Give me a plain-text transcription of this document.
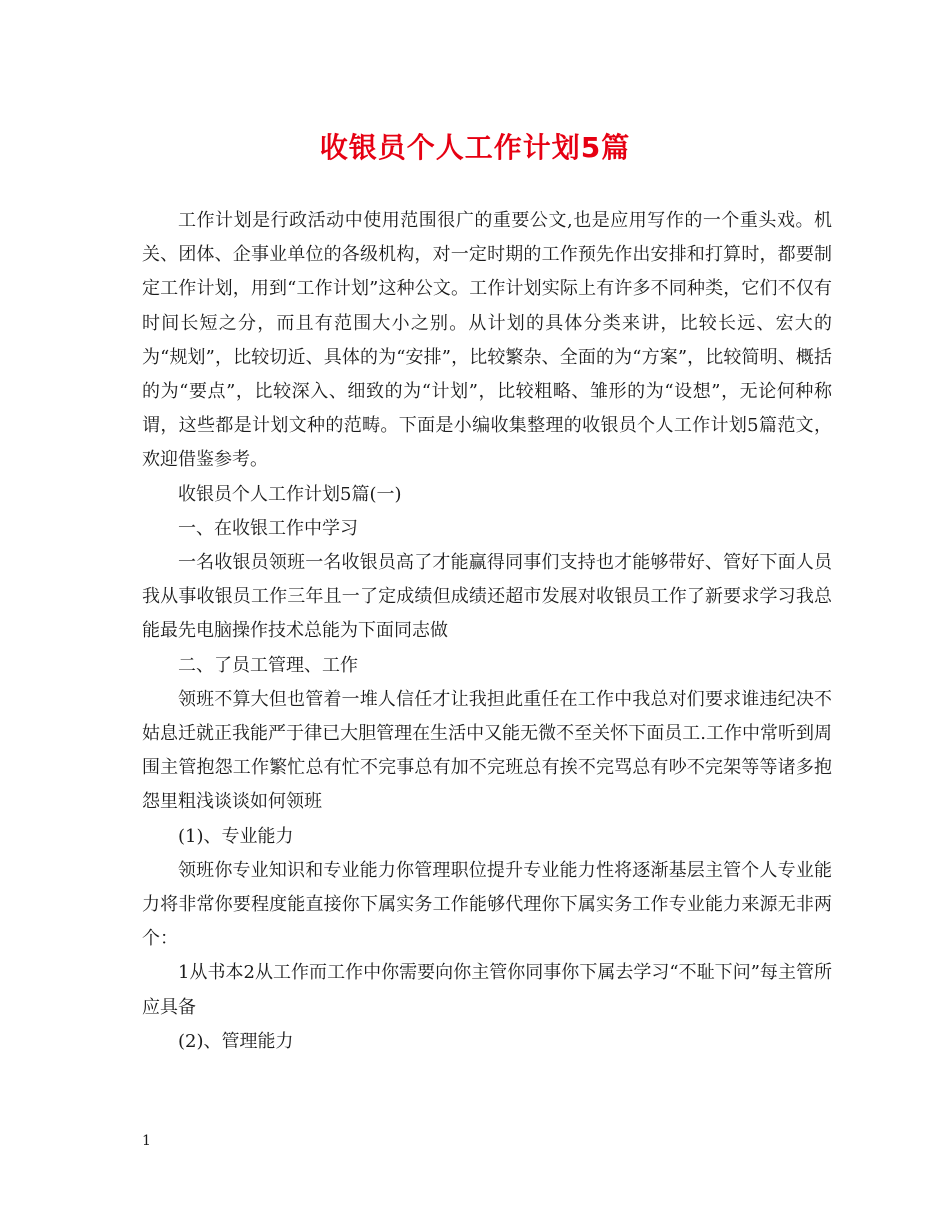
收银员个人工作计划5篇

工作计划是行政活动中使用范围很广的重要公文,也是应用写作的一个重头戏。机关、团体、企事业单位的各级机构，对一定时期的工作预先作出安排和打算时，都要制定工作计划，用到“工作计划”这种公文。工作计划实际上有许多不同种类，它们不仅有时间长短之分，而且有范围大小之别。从计划的具体分类来讲，比较长远、宏大的为“规划”，比较切近、具体的为“安排”，比较繁杂、全面的为“方案”，比较简明、概括的为“要点”，比较深入、细致的为“计划”，比较粗略、雏形的为“设想”，无论何种称谓，这些都是计划文种的范畴。下面是小编收集整理的收银员个人工作计划5篇范文，欢迎借鉴参考。

收银员个人工作计划5篇(一)

一、在收银工作中学习

一名收银员领班一名收银员高了才能赢得同事们支持也才能够带好、管好下面人员我从事收银员工作三年且一了定成绩但成绩还超市发展对收银员工作了新要求学习我总能最先电脑操作技术总能为下面同志做

二、了员工管理、工作

领班不算大但也管着一堆人信任才让我担此重任在工作中我总对们要求谁违纪决不姑息迁就正我能严于律已大胆管理在生活中又能无微不至关怀下面员工.工作中常听到周围主管抱怨工作繁忙总有忙不完事总有加不完班总有挨不完骂总有吵不完架等等诸多抱怨里粗浅谈谈如何领班

(1)、专业能力

领班你专业知识和专业能力你管理职位提升专业能力性将逐渐基层主管个人专业能力将非常你要程度能直接你下属实务工作能够代理你下属实务工作专业能力来源无非两个：

1从书本2从工作而工作中你需要向你主管你同事你下属去学习“不耻下问”每主管所应具备

(2)、管理能力

1
